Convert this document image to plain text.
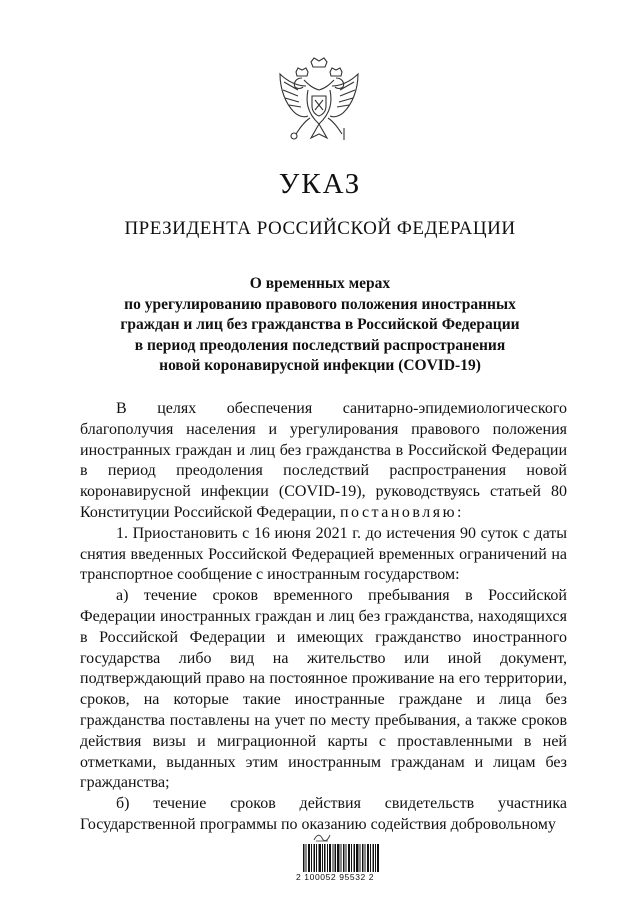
УКАЗ
ПРЕЗИДЕНТА РОССИЙСКОЙ ФЕДЕРАЦИИ
О временных мерах
по урегулированию правового положения иностранных
граждан и лиц без гражданства в Российской Федерации
в период преодоления последствий распространения
новой коронавирусной инфекции (COVID-19)

В целях обеспечения санитарно-эпидемиологического благополучия населения и урегулирования правового положения иностранных граждан и лиц без гражданства в Российской Федерации в период преодоления последствий распространения новой коронавирусной инфекции (COVID-19), руководствуясь статьей 80 Конституции Российской Федерации, постановляю:

1. Приостановить с 16 июня 2021 г. до истечения 90 суток с даты снятия введенных Российской Федерацией временных ограничений на транспортное сообщение с иностранным государством:

а) течение сроков временного пребывания в Российской Федерации иностранных граждан и лиц без гражданства, находящихся в Российской Федерации и имеющих гражданство иностранного государства либо вид на жительство или иной документ, подтверждающий право на постоянное проживание на его территории, сроков, на которые такие иностранные граждане и лица без гражданства поставлены на учет по месту пребывания, а также сроков действия визы и миграционной карты с проставленными в ней отметками, выданных этим иностранным гражданам и лицам без гражданства;

б) течение сроков действия свидетельств участника Государственной программы по оказанию содействия добровольному

2 100052 95532 2
